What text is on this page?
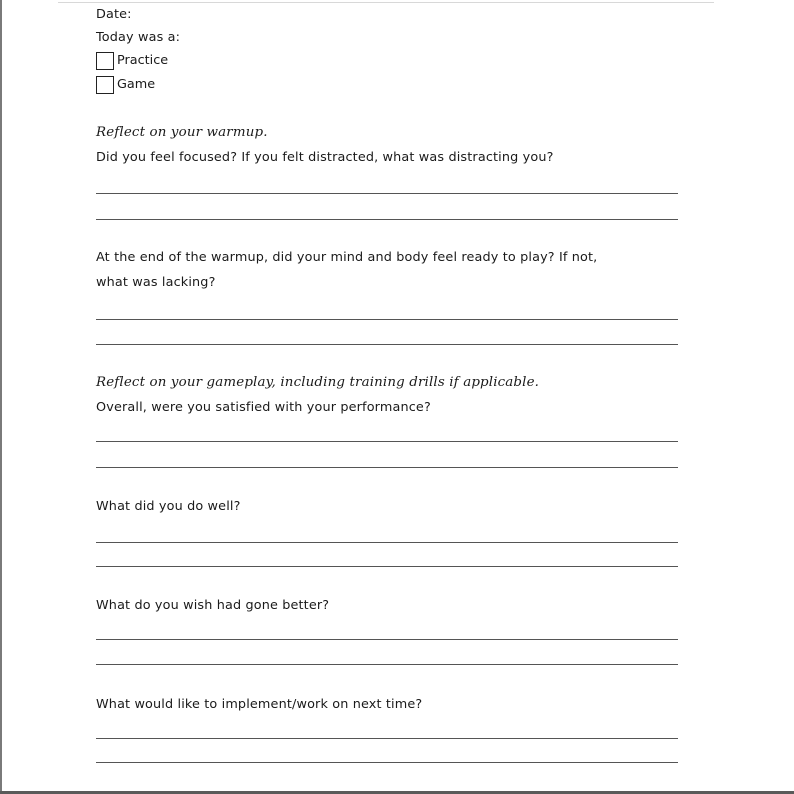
Date:
Today was a:
Practice
Game
Reflect on your warmup.
Did you feel focused? If you felt distracted, what was distracting you?
At the end of the warmup, did your mind and body feel ready to play? If not,
what was lacking?
Reflect on your gameplay, including training drills if applicable.
Overall, were you satisfied with your performance?
What did you do well?
What do you wish had gone better?
What would like to implement/work on next time?
